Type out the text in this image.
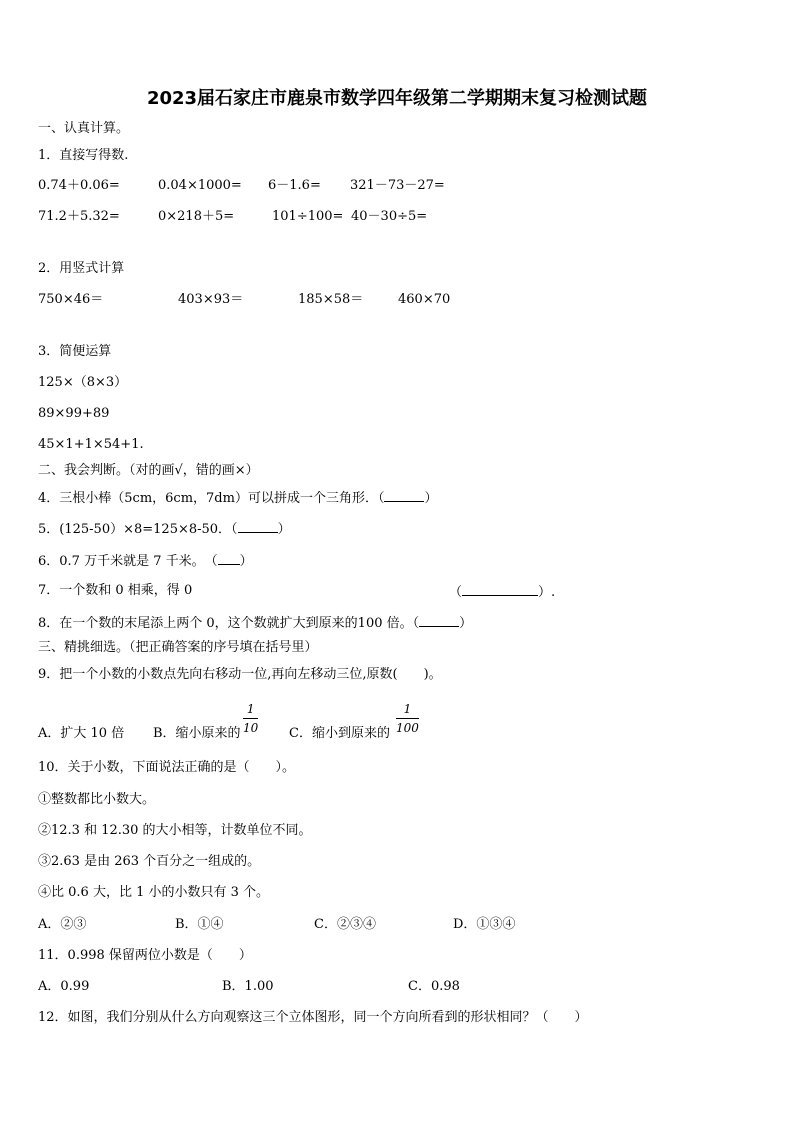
2023届石家庄市鹿泉市数学四年级第二学期期末复习检测试题
一、认真计算。
1．直接写得数.
0.74＋0.06=	0.04×1000= 6－1.6= 321－73－27=
71.2＋5.32=	0×218＋5=	101÷100= 40－30÷5=
2．用竖式计算
750×46＝	403×93＝	185×58＝	460×70
3．简便运算
125×（8×3）
89×99+89
45×1+1×54+1.
二、我会判断。（对的画√，错的画×）
4．三根小棒（5cm，6cm，7dm）可以拼成一个三角形．（	）
5．(125-50）×8=125×8-50．（	）
6．0.7 万千米就是 7 千米。　（ ）
7．一个数和 0 相乘，得 0	（	）.
8．在一个数的末尾添上两个 0，这个数就扩大到原来的100 倍。（	）
三、精挑细选。（把正确答案的序号填在括号里）
9．把一个小数的小数点先向右移动一位,再向左移动三位,原数(　　)。
A．扩大 10 倍 B．缩小原来的 $\frac{1}{10}$ C．缩小到原来的 $\frac{1}{100}$
10．关于小数，下面说法正确的是（　　）。
①整数都比小数大。
②12.3 和 12.30 的大小相等，计数单位不同。
③2.63 是由 263 个百分之一组成的。
④比 0.6 大，比 1 小的小数只有 3 个。
A．②③	B．①④	C．②③④	D．①③④
11．0.998 保留两位小数是（　　）
A．0.99	B．1.00	C．0.98
12．如图，我们分别从什么方向观察这三个立体图形，同一个方向所看到的形状相同？（　　）
